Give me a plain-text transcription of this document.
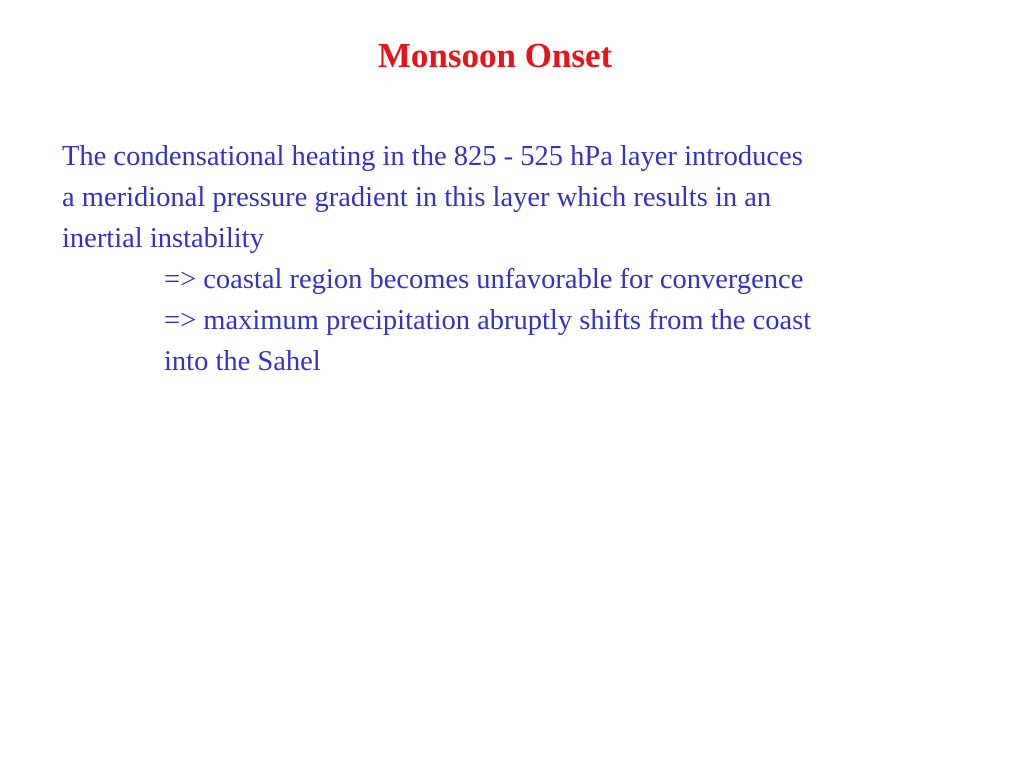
Monsoon Onset
The condensational heating in the 825 - 525 hPa layer introduces
a meridional pressure gradient in this layer which results in an
inertial instability
=> coastal region becomes unfavorable for convergence
=> maximum precipitation abruptly shifts from the coast
into the Sahel
